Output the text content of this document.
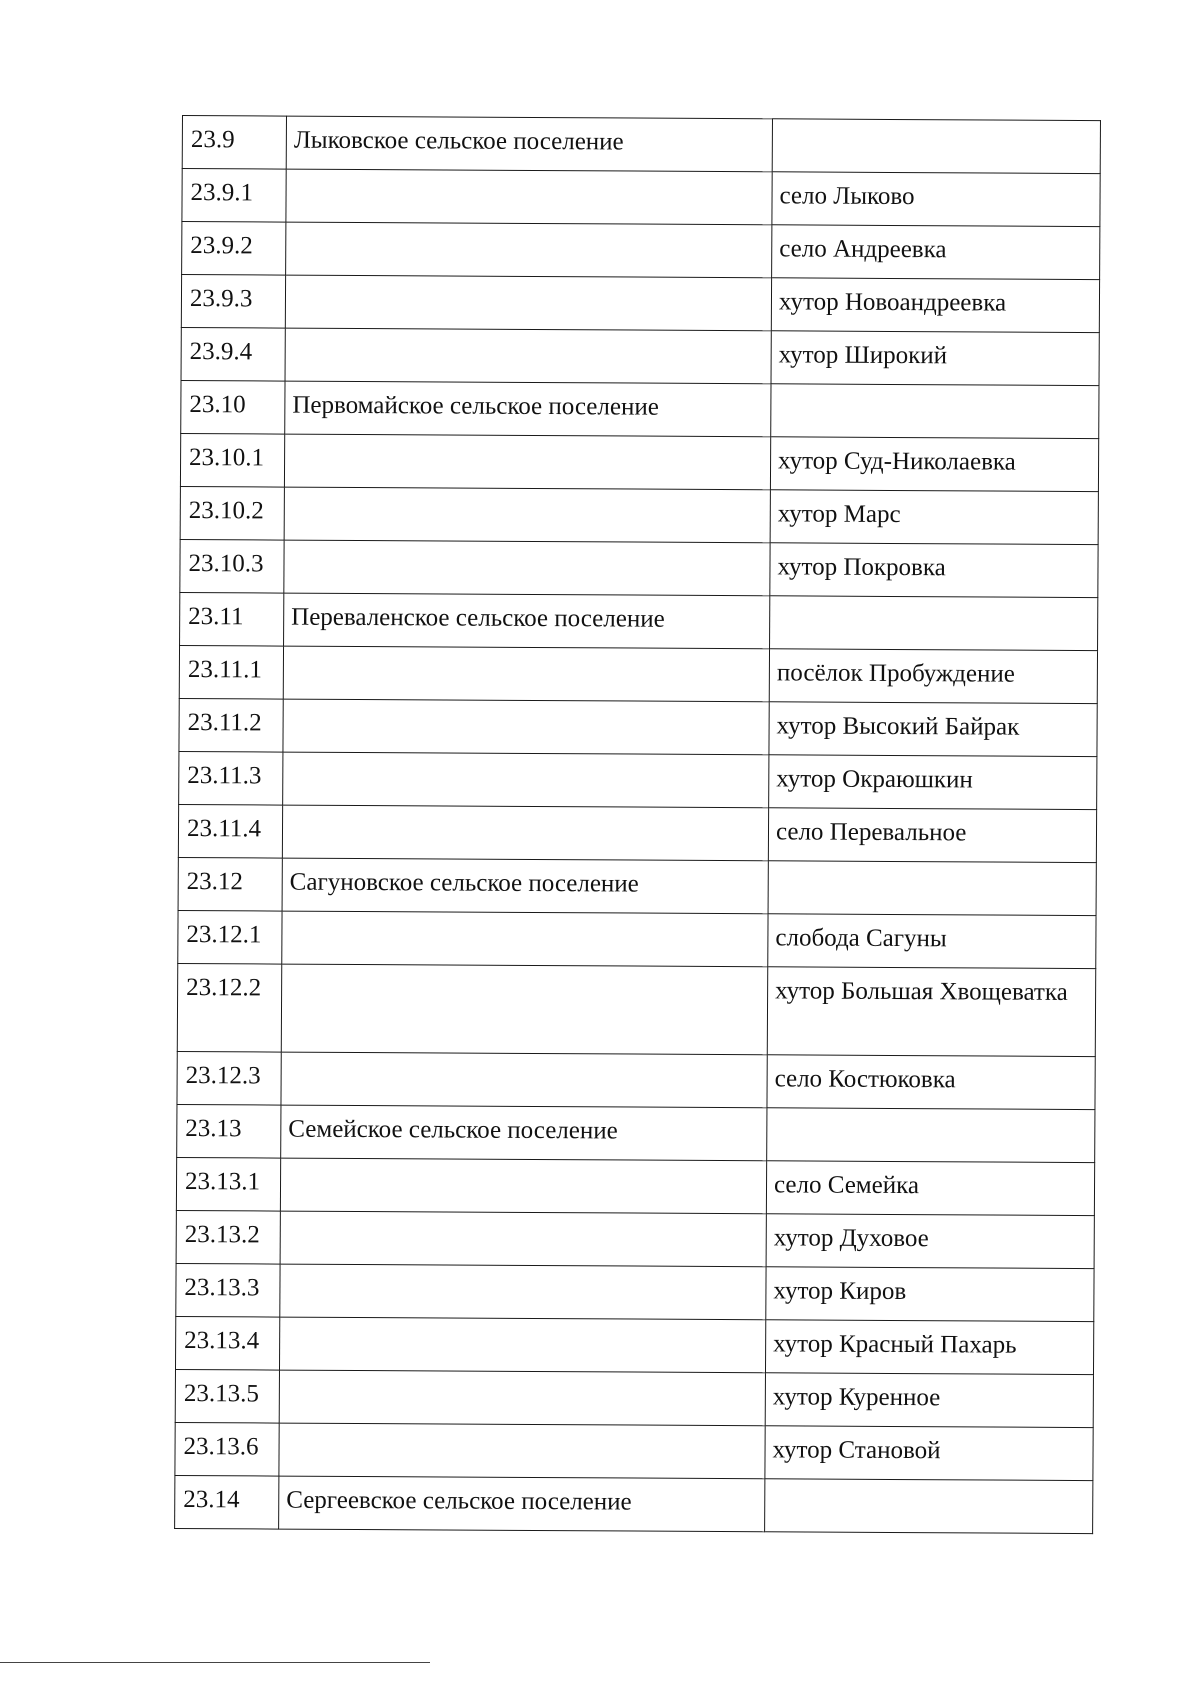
23.9	Лыковское сельское поселение	
23.9.1		село Лыково
23.9.2		село Андреевка
23.9.3		хутор Новоандреевка
23.9.4		хутор Широкий
23.10	Первомайское сельское поселение	
23.10.1		хутор Суд-Николаевка
23.10.2		хутор Марс
23.10.3		хутор Покровка
23.11	Переваленское сельское поселение	
23.11.1		посёлок Пробуждение
23.11.2		хутор Высокий Байрак
23.11.3		хутор Окраюшкин
23.11.4		село Перевальное
23.12	Сагуновское сельское поселение	
23.12.1		слобода Сагуны
23.12.2		хутор Большая Хвощеватка
23.12.3		село Костюковка
23.13	Семейское сельское поселение	
23.13.1		село Семейка
23.13.2		хутор Духовое
23.13.3		хутор Киров
23.13.4		хутор Красный Пахарь
23.13.5		хутор Куренное
23.13.6		хутор Становой
23.14	Сергеевское сельское поселение	
